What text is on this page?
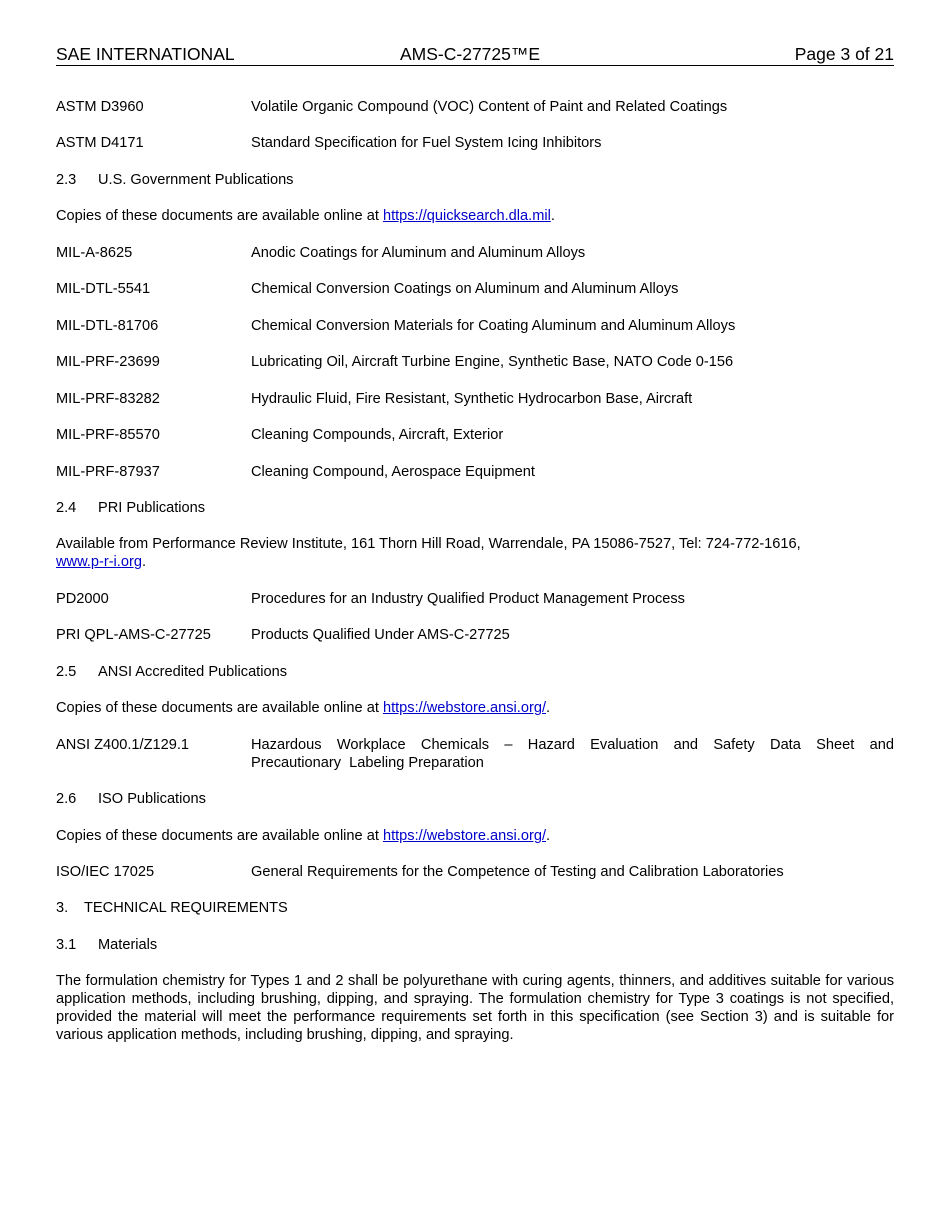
SAE INTERNATIONAL	AMS-C-27725™E	Page 3 of 21
ASTM D3960	Volatile Organic Compound (VOC) Content of Paint and Related Coatings
ASTM D4171	Standard Specification for Fuel System Icing Inhibitors
2.3 U.S. Government Publications
Copies of these documents are available online at https://quicksearch.dla.mil.
MIL-A-8625	Anodic Coatings for Aluminum and Aluminum Alloys
MIL-DTL-5541	Chemical Conversion Coatings on Aluminum and Aluminum Alloys
MIL-DTL-81706	Chemical Conversion Materials for Coating Aluminum and Aluminum Alloys
MIL-PRF-23699	Lubricating Oil, Aircraft Turbine Engine, Synthetic Base, NATO Code 0-156
MIL-PRF-83282	Hydraulic Fluid, Fire Resistant, Synthetic Hydrocarbon Base, Aircraft
MIL-PRF-85570	Cleaning Compounds, Aircraft, Exterior
MIL-PRF-87937	Cleaning Compound, Aerospace Equipment
2.4 PRI Publications
Available from Performance Review Institute, 161 Thorn Hill Road, Warrendale, PA 15086-7527, Tel: 724-772-1616,
www.p-r-i.org.
PD2000	Procedures for an Industry Qualified Product Management Process
PRI QPL-AMS-C-27725	Products Qualified Under AMS-C-27725
2.5 ANSI Accredited Publications
Copies of these documents are available online at https://webstore.ansi.org/.
ANSI Z400.1/Z129.1	Hazardous Workplace Chemicals – Hazard Evaluation and Safety Data Sheet and
Precautionary  Labeling Preparation
2.6 ISO Publications
Copies of these documents are available online at https://webstore.ansi.org/.
ISO/IEC 17025	General Requirements for the Competence of Testing and Calibration Laboratories
3. TECHNICAL REQUIREMENTS
3.1 Materials
The formulation chemistry for Types 1 and 2 shall be polyurethane with curing agents, thinners, and additives suitable for various application methods, including brushing, dipping, and spraying. The formulation chemistry for Type 3 coatings is not specified, provided the material will meet the performance requirements set forth in this specification (see Section 3) and is suitable for various application methods, including brushing, dipping, and spraying.
